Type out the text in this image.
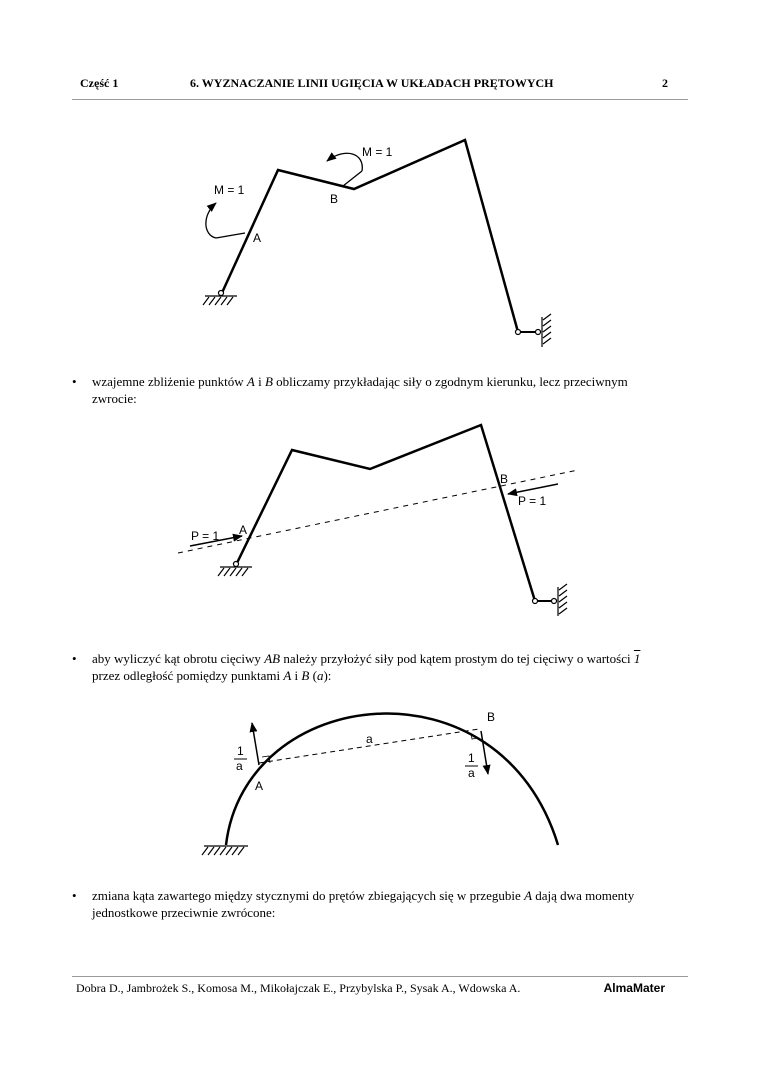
Część 1	6. WYZNACZANIE LINII UGIĘCIA W UKŁADACH PRĘTOWYCH	2
M = 1
A
M = 1
B
• wzajemne zbliżenie punktów A i B obliczamy przykładając siły o zgodnym kierunku, lecz przeciwnym
zwrocie:
P = 1 A
B
P = 1
• aby wyliczyć kąt obrotu cięciwy AB należy przyłożyć siły pod kątem prostym do tej cięciwy o wartości 1
przez odległość pomiędzy punktami A i B (a):
1
a
1
a
a
A
B
• zmiana kąta zawartego między stycznymi do prętów zbiegających się w przegubie A dają dwa momenty
jednostkowe przeciwnie zwrócone:
Dobra D., Jambrożek S., Komosa M., Mikołajczak E., Przybylska P., Sysak A., Wdowska A.	AlmaMater
